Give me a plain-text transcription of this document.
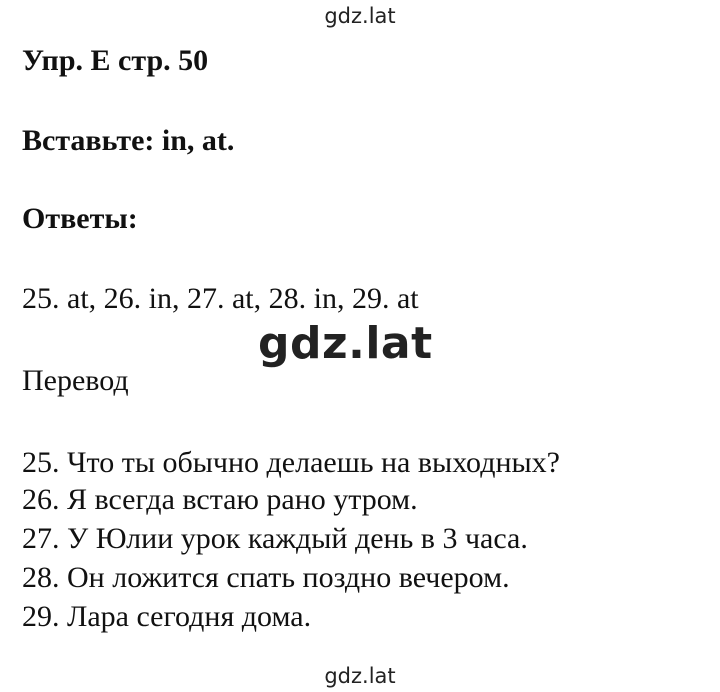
gdz.lat
Упр. Е стр. 50
Вставьте: in, at.
Ответы:
25. at, 26. in, 27. at, 28. in, 29. at
gdz.lat
Перевод
25. Что ты обычно делаешь на выходных?
26. Я всегда встаю рано утром.
27. У Юлии урок каждый день в 3 часа.
28. Он ложится спать поздно вечером.
29. Лара сегодня дома.
gdz.lat
